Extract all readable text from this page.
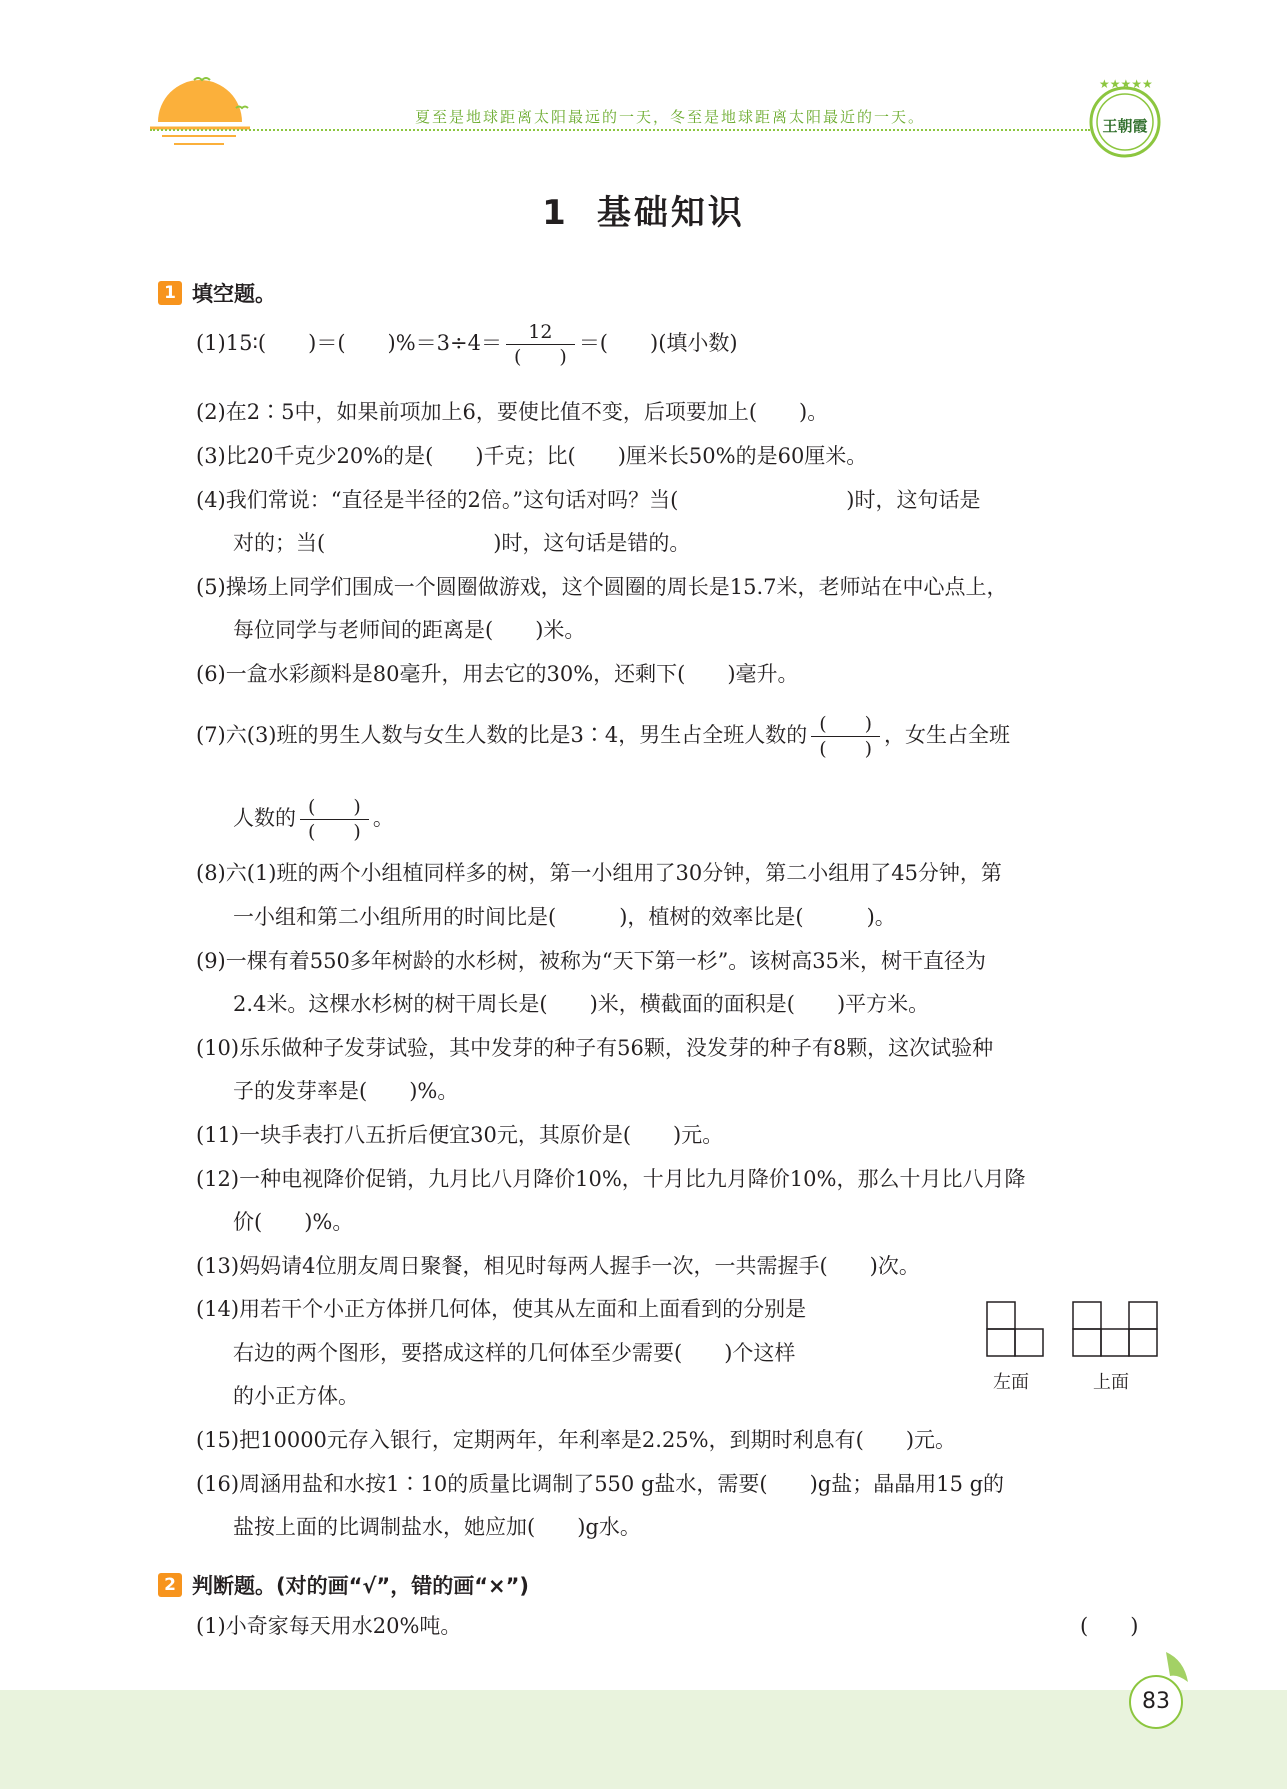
夏至是地球距离太阳最远的一天，冬至是地球距离太阳最近的一天。
★★★★★
王朝霞
1 基础知识
1 填空题。
(1)15∶(　　)＝(　　)$\%=3\div 4= \frac{12}{( )}$ ＝(　　)(填小数)
(2)在2∶5中，如果前项加上6，要使比值不变，后项要加上(　　)。
(3)比20千克少20%的是(　　)千克；比(　　)厘米长50%的是60厘米。
(4)我们常说：“直径是半径的2倍。”这句话对吗？当(　　　　　　　　)时，这句话是
对的；当(　　　　　　　　)时，这句话是错的。
(5)操场上同学们围成一个圆圈做游戏，这个圆圈的周长是15.7米，老师站在中心点上，
每位同学与老师间的距离是(　　)米。
(6)一盒水彩颜料是80毫升，用去它的30%，还剩下(　　)毫升。
(7)六(3)班的男生人数与女生人数的比是3∶4，男生占全班人数的 $\frac{( )}{( )}$ ，女生占全班
人数的 $\frac{( )}{( )}$ 。
(8)六(1)班的两个小组植同样多的树，第一小组用了30分钟，第二小组用了45分钟，第
一小组和第二小组所用的时间比是(　　　)，植树的效率比是(　　　)。
(9)一棵有着550多年树龄的水杉树，被称为“天下第一杉”。该树高35米，树干直径为
2.4米。这棵水杉树的树干周长是(　　)米，横截面的面积是(　　)平方米。
(10)乐乐做种子发芽试验，其中发芽的种子有56颗，没发芽的种子有8颗，这次试验种
子的发芽率是(　　)%。
(11)一块手表打八五折后便宜30元，其原价是(　　)元。
(12)一种电视降价促销，九月比八月降价10%，十月比九月降价10%，那么十月比八月降
价(　　)%。
(13)妈妈请4位朋友周日聚餐，相见时每两人握手一次，一共需握手(　　)次。
(14)用若干个小正方体拼几何体，使其从左面和上面看到的分别是
右边的两个图形，要搭成这样的几何体至少需要(　　)个这样
的小正方体。
左面	上面
(15)把10000元存入银行，定期两年，年利率是2.25%，到期时利息有(　　)元。
(16)周涵用盐和水按1∶10的质量比调制了550 g盐水，需要(　　)g盐；晶晶用15 g的
盐按上面的比调制盐水，她应加(　　)g水。
2 判断题。(对的画“√”，错的画“×”)
(1)小奇家每天用水20%吨。	(　　)
83
